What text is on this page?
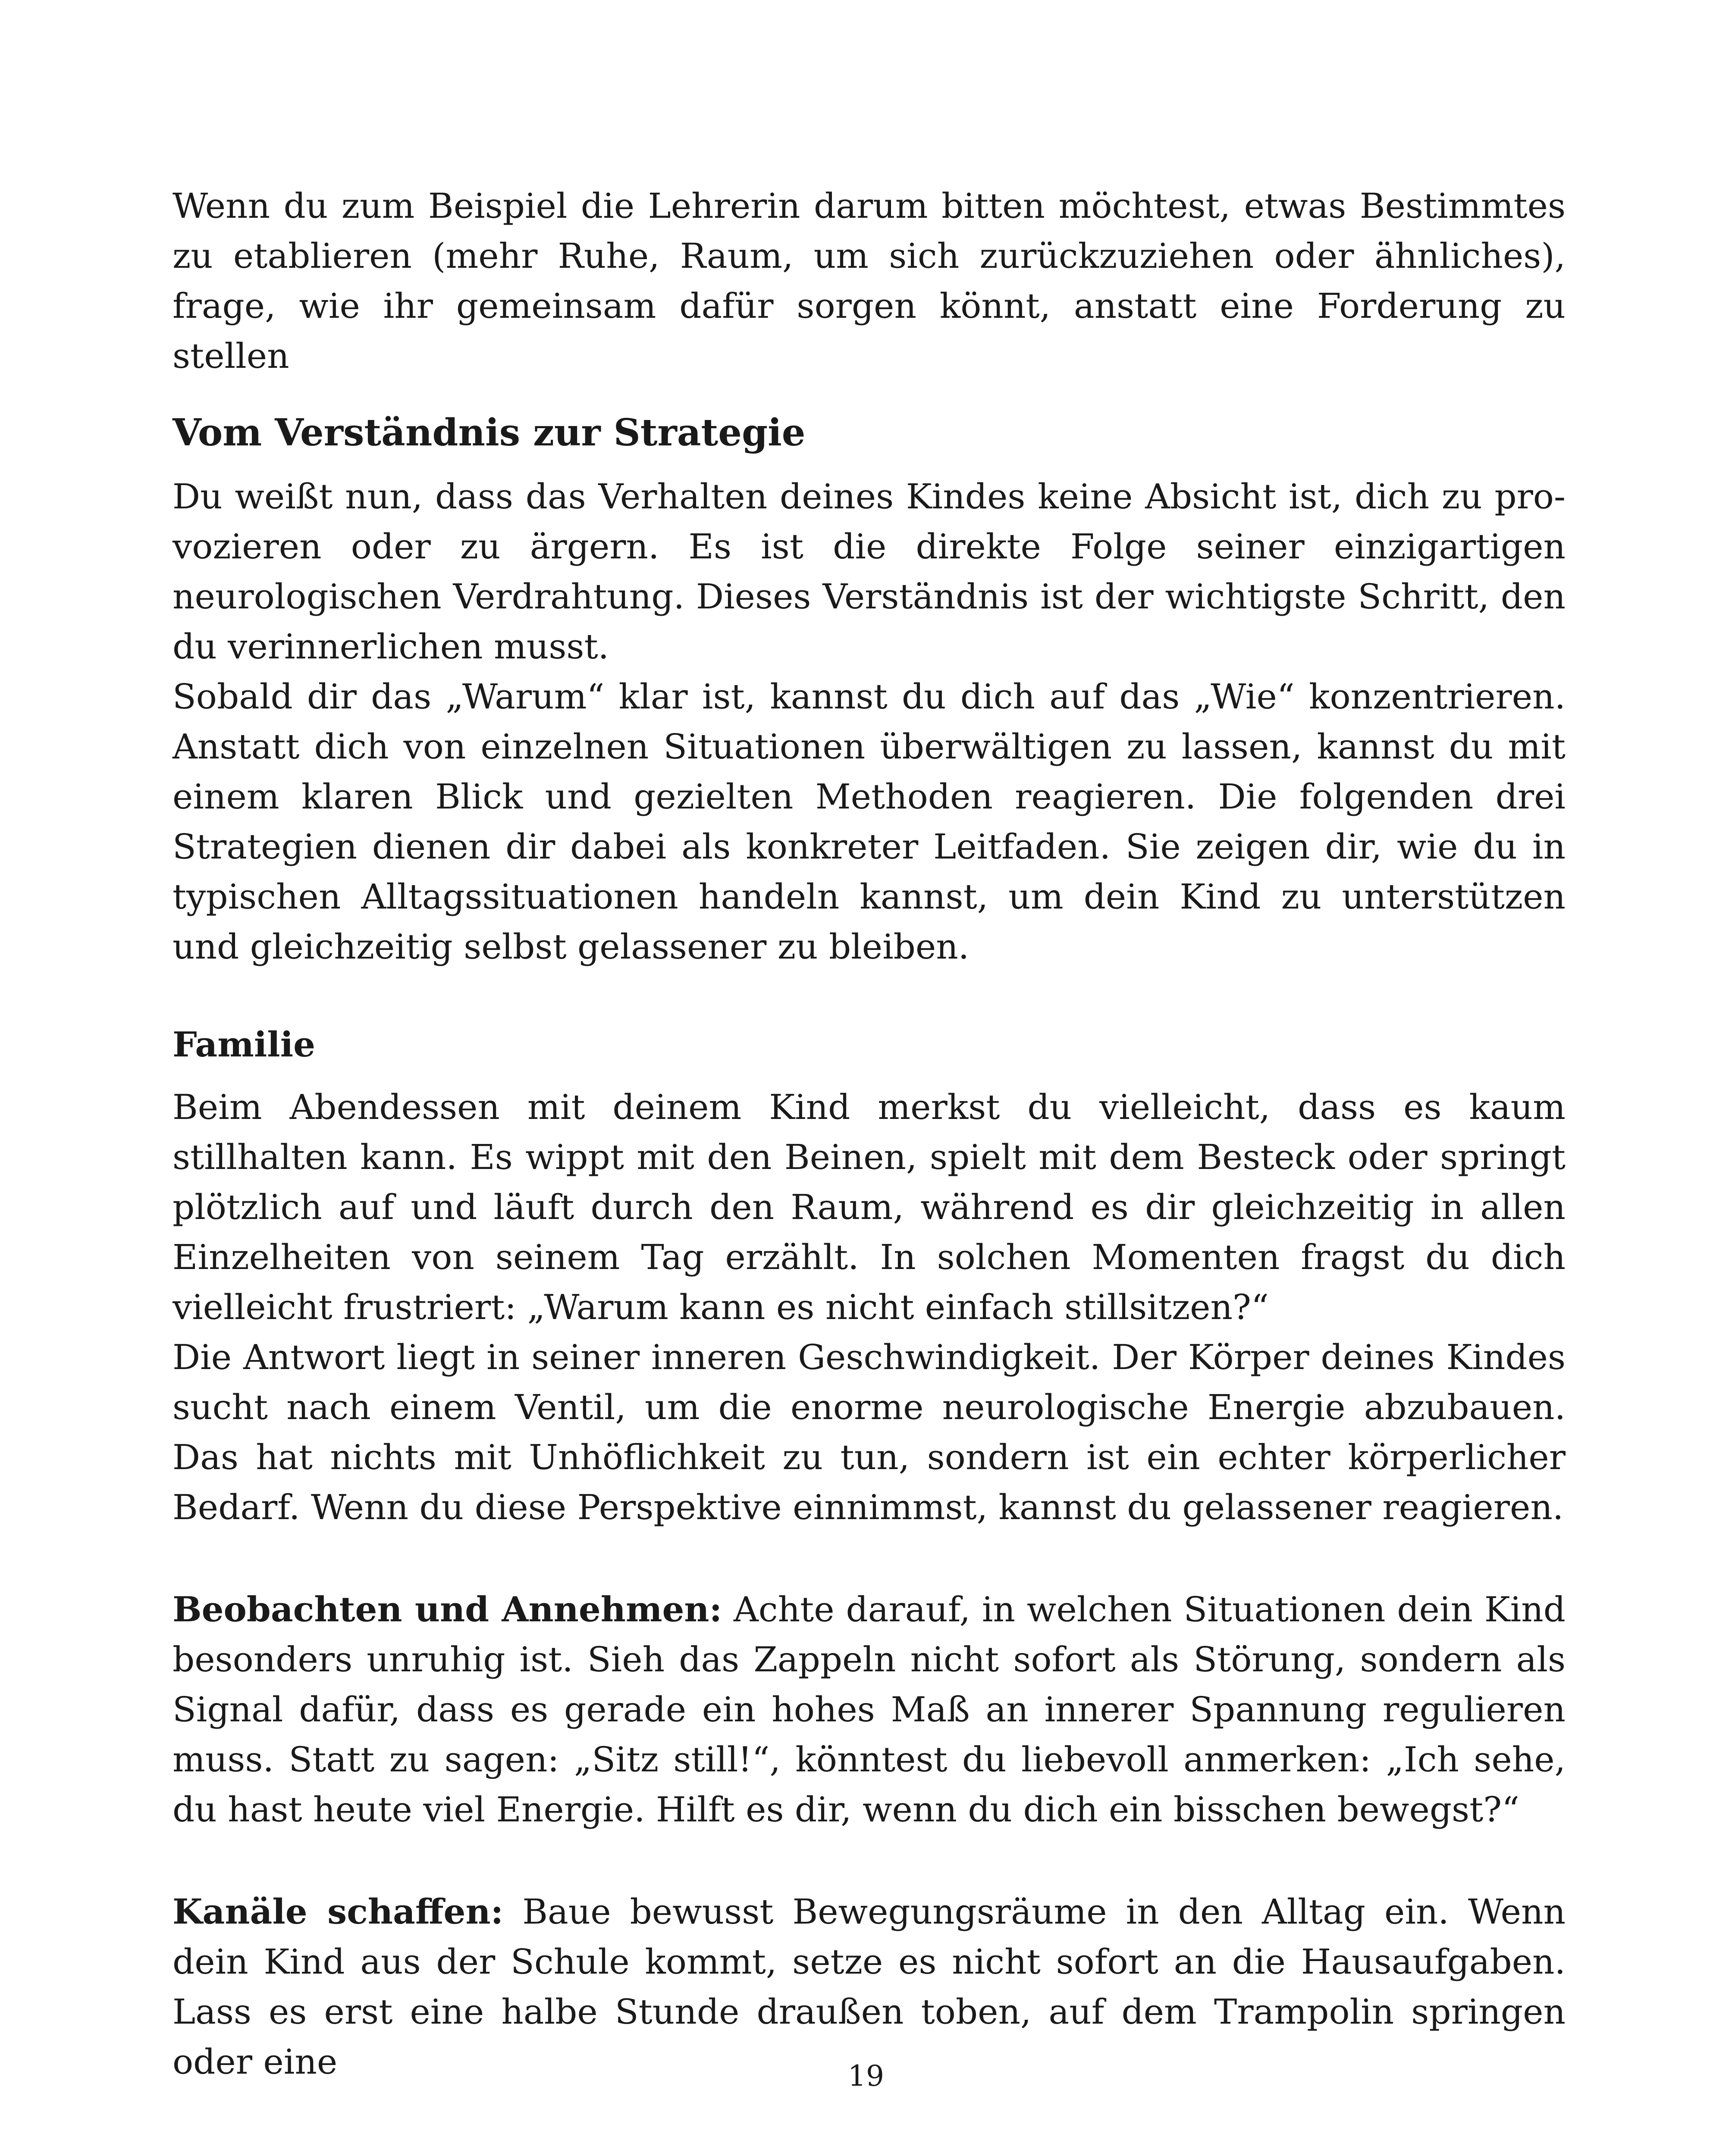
Wenn du zum Beispiel die Lehrerin darum bitten möchtest, etwas Bestimmtes zu etablieren (mehr Ruhe, Raum, um sich zurückzuziehen oder ähnliches), frage, wie ihr gemeinsam dafür sorgen könnt, anstatt eine Forderung zu stellen

Vom Verständnis zur Strategie

Du weißt nun, dass das Verhalten deines Kindes keine Absicht ist, dich zu provozieren oder zu ärgern. Es ist die direkte Folge seiner einzigartigen neurologischen Verdrahtung. Dieses Verständnis ist der wichtigste Schritt, den du verinnerlichen musst.

Sobald dir das „Warum“ klar ist, kannst du dich auf das „Wie“ konzentrieren. Anstatt dich von einzelnen Situationen überwältigen zu lassen, kannst du mit einem klaren Blick und gezielten Methoden reagieren. Die folgenden drei Strategien dienen dir dabei als konkreter Leitfaden. Sie zeigen dir, wie du in typischen Alltagssituationen handeln kannst, um dein Kind zu unterstützen und gleichzeitig selbst gelassener zu bleiben.

Familie

Beim Abendessen mit deinem Kind merkst du vielleicht, dass es kaum stillhalten kann. Es wippt mit den Beinen, spielt mit dem Besteck oder springt plötzlich auf und läuft durch den Raum, während es dir gleichzeitig in allen Einzelheiten von seinem Tag erzählt. In solchen Momenten fragst du dich vielleicht frustriert: „Warum kann es nicht einfach stillsitzen?“

Die Antwort liegt in seiner inneren Geschwindigkeit. Der Körper deines Kindes sucht nach einem Ventil, um die enorme neurologische Energie abzubauen. Das hat nichts mit Unhöflichkeit zu tun, sondern ist ein echter körperlicher Bedarf. Wenn du diese Perspektive einnimmst, kannst du gelassener reagieren.

Beobachten und Annehmen: Achte darauf, in welchen Situationen dein Kind besonders unruhig ist. Sieh das Zappeln nicht sofort als Störung, sondern als Signal dafür, dass es gerade ein hohes Maß an innerer Spannung regulieren muss. Statt zu sagen: „Sitz still!“, könntest du liebevoll anmerken: „Ich sehe, du hast heute viel Energie. Hilft es dir, wenn du dich ein bisschen bewegst?“

Kanäle schaffen: Baue bewusst Bewegungsräume in den Alltag ein. Wenn dein Kind aus der Schule kommt, setze es nicht sofort an die Hausaufgaben. Lass es erst eine halbe Stunde draußen toben, auf dem Trampolin springen oder eine	19
